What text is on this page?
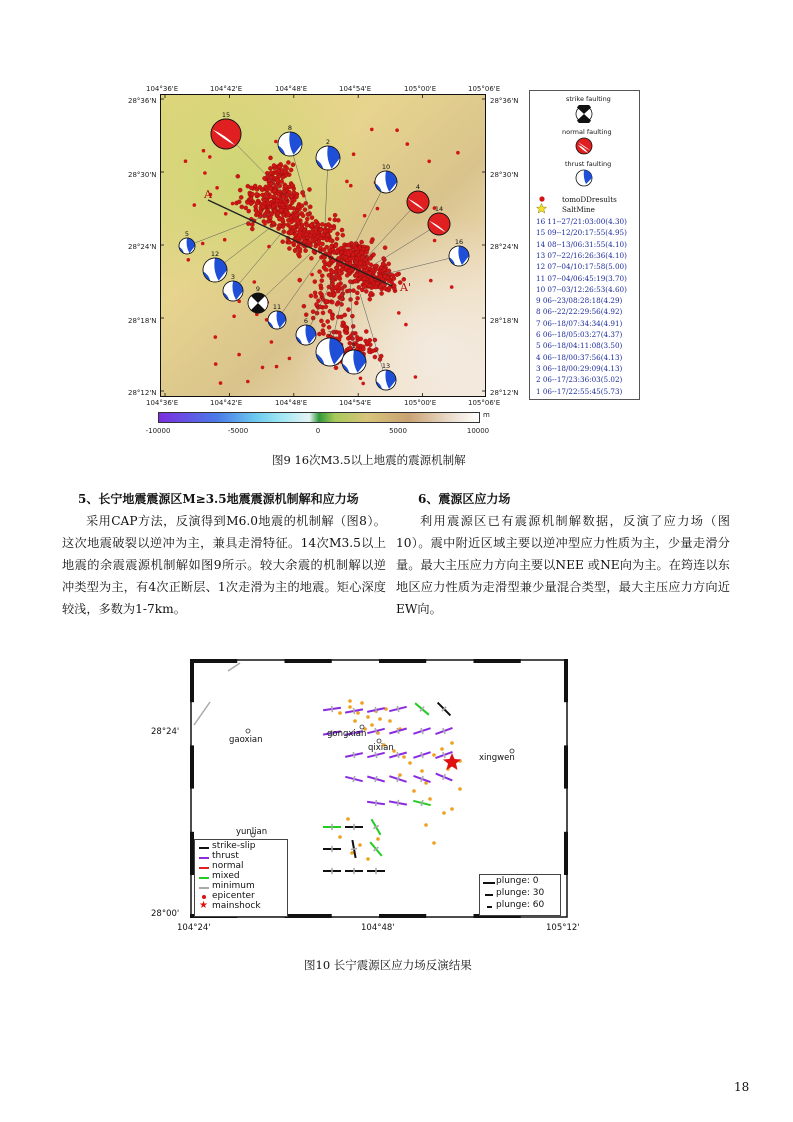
104°36'E	104°42'E	104°48'E	104°54'E	105°00'E	105°06'E
104°36'E	104°42'E	104°48'E	104°54'E	105°00'E	105°06'E
28°36'N
28°30'N
28°24'N
28°18'N
28°12'N
28°36'N
28°30'N
28°24'N
28°18'N
28°12'N
A
A'
15
8
2
10
4
14
16
5
12
3
9
11
6
7
1
13
-10000	-5000	0	5000	10000
m
strike faulting
normal faulting
thrust faulting
tomoDDresults
SaltMine
16 11--27/21:03:00(4.30)
15 09--12/20:17:55(4.95)
14 08--13/06:31:55(4.10)
13 07--22/16:26:36(4.10)
12 07--04/10:17:58(5.00)
11 07--04/06:45:19(3.70)
10 07--03/12:26:53(4.60)
9 06--23/08:28:18(4.29)
8 06--22/22:29:56(4.92)
7 06--18/07:34:34(4.91)
6 06--18/05:03:27(4.37)
5 06--18/04:11:08(3.50)
4 06--18/00:37:56(4.13)
3 06--18/00:29:09(4.13)
2 06--17/23:36:03(5.02)
1 06--17/22:55:45(5.73)
图9 16次M3.5以上地震的震源机制解
5、长宁地震震源区M≥3.5地震震源机制解和应力场
采用CAP方法，反演得到M6.0地震的机制解（图8）。这次地震破裂以逆冲为主，兼具走滑特征。14次M3.5以上地震的余震震源机制解如图9所示。较大余震的机制解以逆冲类型为主，有4次正断层、1次走滑为主的地震。矩心深度较浅，多数为1-7km。
6、震源区应力场
利用震源区已有震源机制解数据，反演了应力场（图10）。震中附近区域主要以逆冲型应力性质为主，少量走滑分量。最大主压应力方向主要以NEE 或NE向为主。在筠连以东地区应力性质为走滑型兼少量混合类型，最大主压应力方向近EW向。
gaoxian
gongxian
qixian
xingwen
yunlian
28°24'
28°00'
104°24'	104°48'	105°12'
strike-slip
thrust
normal
mixed
minimum
epicenter
★ mainshock
plunge: 0
plunge: 30
plunge: 60
图10 长宁震源区应力场反演结果
18
